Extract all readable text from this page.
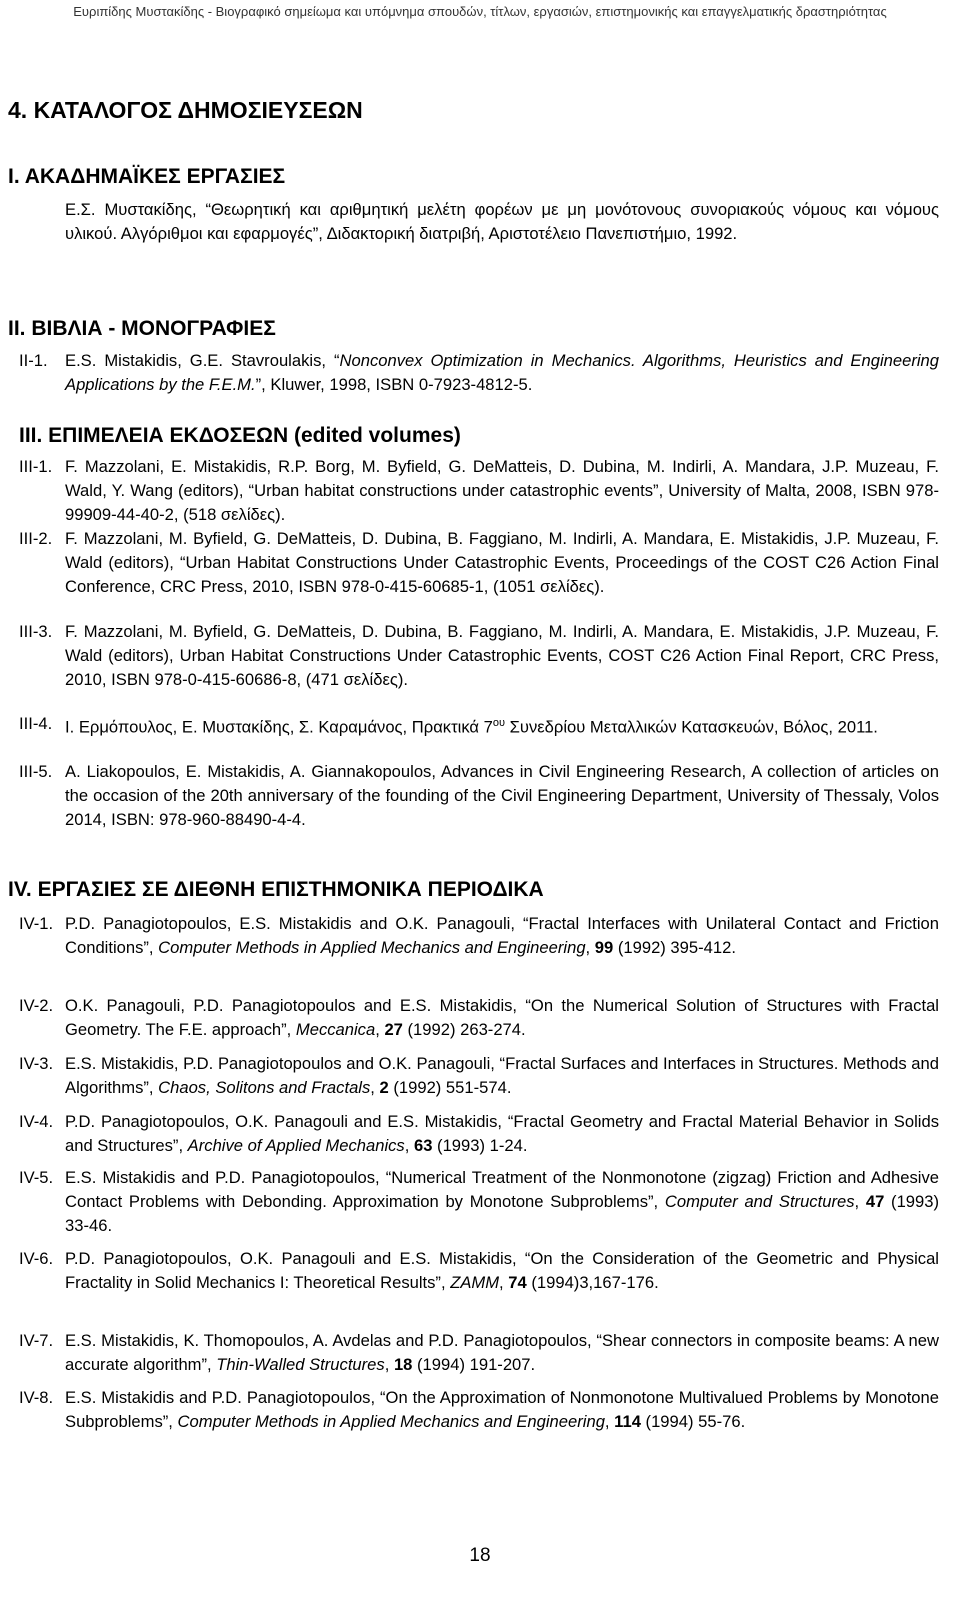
Ευριπίδης Μυστακίδης - Βιογραφικό σημείωμα και υπόμνημα σπουδών, τίτλων, εργασιών, επιστημονικής και επαγγελματικής δραστηριότητας
4. ΚΑΤΑΛΟΓΟΣ ΔΗΜΟΣΙΕΥΣΕΩΝ
Ι. ΑΚΑΔΗΜΑΪΚΕΣ ΕΡΓΑΣΙΕΣ
Ε.Σ. Μυστακίδης, “Θεωρητική και αριθμητική μελέτη φορέων με μη μονότονους συνοριακούς νόμους και νόμους υλικού. Αλγόριθμοι και εφαρμογές”, Διδακτορική διατριβή, Αριστοτέλειο Πανεπιστήμιο, 1992.
II. ΒΙΒΛΙΑ - ΜΟΝΟΓΡΑΦΙΕΣ
II-1. E.S. Mistakidis, G.E. Stavroulakis, “Nonconvex Optimization in Mechanics. Algorithms, Heuristics and Engineering Applications by the F.E.M.”, Kluwer, 1998, ISBN 0-7923-4812-5.
III. ΕΠΙΜΕΛΕΙΑ ΕΚΔΟΣΕΩΝ (edited volumes)
III-1. F. Mazzolani, E. Mistakidis, R.P. Borg, M. Byfield, G. DeMatteis, D. Dubina, M. Indirli, A. Mandara, J.P. Muzeau, F. Wald, Y. Wang (editors), “Urban habitat constructions under catastrophic events”, University of Malta, 2008, ISBN 978-99909-44-40-2, (518 σελίδες).
III-2. F. Mazzolani, M. Byfield, G. DeMatteis, D. Dubina, B. Faggiano, M. Indirli, A. Mandara, E. Mistakidis, J.P. Muzeau, F. Wald (editors), “Urban Habitat Constructions Under Catastrophic Events, Proceedings of the COST C26 Action Final Conference, CRC Press, 2010, ISBN 978-0-415-60685-1, (1051 σελίδες).
III-3. F. Mazzolani, M. Byfield, G. DeMatteis, D. Dubina, B. Faggiano, M. Indirli, A. Mandara, E. Mistakidis, J.P. Muzeau, F. Wald (editors), Urban Habitat Constructions Under Catastrophic Events, COST C26 Action Final Report, CRC Press, 2010, ISBN 978-0-415-60686-8, (471 σελίδες).
III-4. Ι. Ερμόπουλος, Ε. Μυστακίδης, Σ. Καραμάνος, Πρακτικά $7^{o\upsilon}$ Συνεδρίου Μεταλλικών Κατασκευών, Βόλος, 2011.
III-5. A. Liakopoulos, E. Mistakidis, A. Giannakopoulos, Advances in Civil Engineering Research, A collection of articles on the occasion of the 20th anniversary of the founding of the Civil Engineering Department, University of Thessaly, Volos 2014, ISBN: 978-960-88490-4-4.
IV. ΕΡΓΑΣΙΕΣ ΣΕ ΔΙΕΘΝΗ ΕΠΙΣΤΗΜΟΝΙΚΑ ΠΕΡΙΟΔΙΚΑ
IV-1. P.D. Panagiotopoulos, E.S. Mistakidis and O.K. Panagouli, “Fractal Interfaces with Unilateral Contact and Friction Conditions”, Computer Methods in Applied Mechanics and Engineering, 99 (1992) 395-412.
IV-2. O.K. Panagouli, P.D. Panagiotopoulos and E.S. Mistakidis, “On the Numerical Solution of Structures with Fractal Geometry. The F.E. approach”, Meccanica, 27 (1992) 263-274.
IV-3. E.S. Mistakidis, P.D. Panagiotopoulos and O.K. Panagouli, “Fractal Surfaces and Interfaces in Structures. Methods and Algorithms”, Chaos, Solitons and Fractals, 2 (1992) 551-574.
IV-4. P.D. Panagiotopoulos, O.K. Panagouli and E.S. Mistakidis, “Fractal Geometry and Fractal Material Behavior in Solids and Structures”, Archive of Applied Mechanics, 63 (1993) 1-24.
IV-5. E.S. Mistakidis and P.D. Panagiotopoulos, “Numerical Treatment of the Nonmonotone (zigzag) Friction and Adhesive Contact Problems with Debonding. Approximation by Monotone Subproblems”, Computer and Structures, 47 (1993) 33-46.
IV-6. P.D. Panagiotopoulos, O.K. Panagouli and E.S. Mistakidis, “On the Consideration of the Geometric and Physical Fractality in Solid Mechanics I: Theoretical Results”, ZAMM, 74 (1994)3,167-176.
IV-7. E.S. Mistakidis, K. Thomopoulos, A. Avdelas and P.D. Panagiotopoulos, “Shear connectors in composite beams: A new accurate algorithm”, Thin-Walled Structures, 18 (1994) 191-207.
IV-8. E.S. Mistakidis and P.D. Panagiotopoulos, “On the Approximation of Nonmonotone Multivalued Problems by Monotone Subproblems”, Computer Methods in Applied Mechanics and Engineering, 114 (1994) 55-76.
18
